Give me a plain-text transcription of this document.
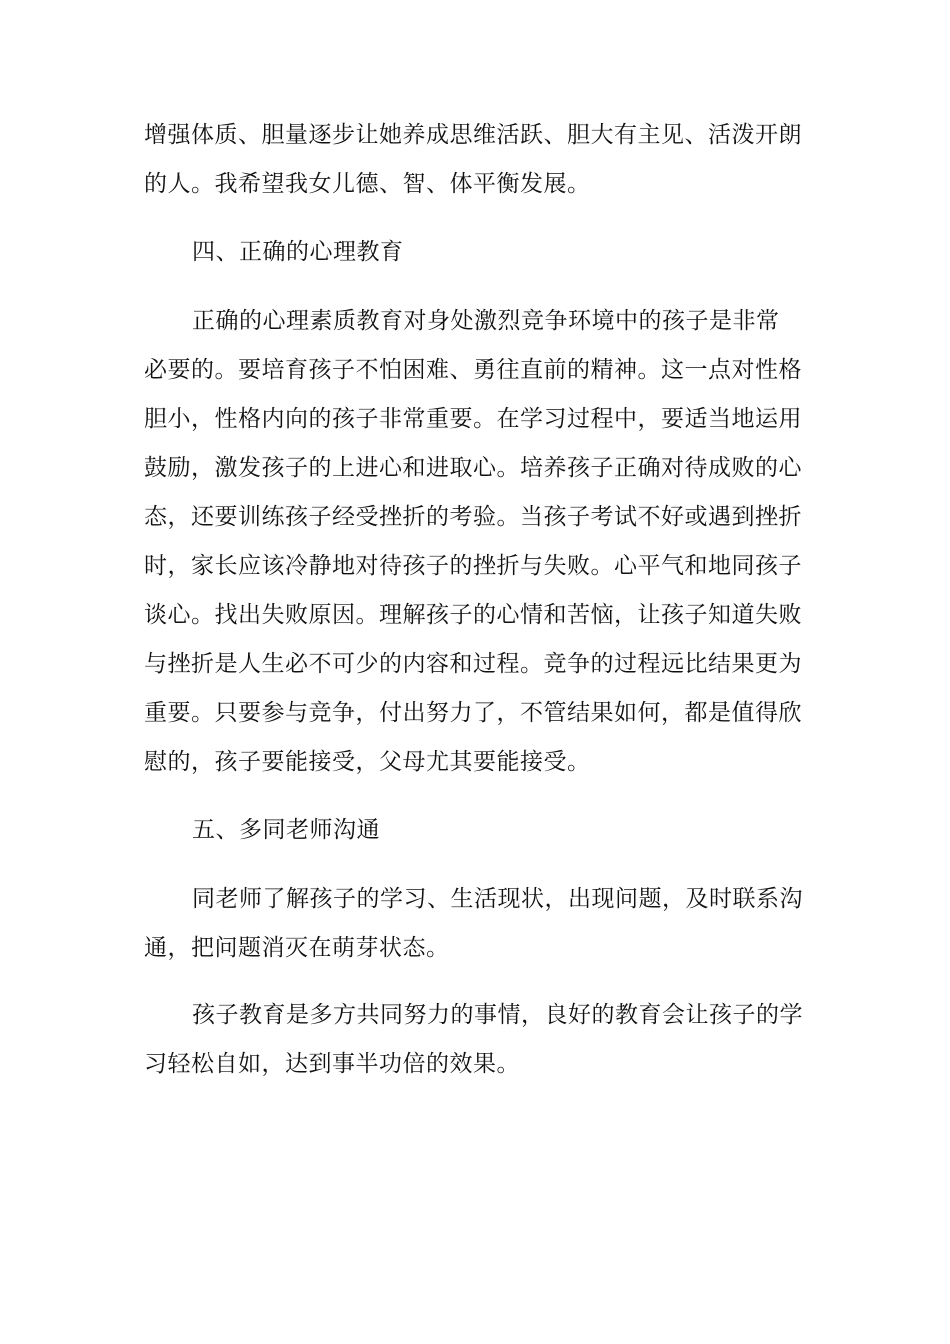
增强体质、胆量逐步让她养成思维活跃、胆大有主见、活泼开朗

的人。我希望我女儿德、智、体平衡发展。

四、正确的心理教育

正确的心理素质教育对身处激烈竞争环境中的孩子是非常

必要的。要培育孩子不怕困难、勇往直前的精神。这一点对性格

胆小，性格内向的孩子非常重要。在学习过程中，要适当地运用

鼓励，激发孩子的上进心和进取心。培养孩子正确对待成败的心

态，还要训练孩子经受挫折的考验。当孩子考试不好或遇到挫折

时，家长应该冷静地对待孩子的挫折与失败。心平气和地同孩子

谈心。找出失败原因。理解孩子的心情和苦恼，让孩子知道失败

与挫折是人生必不可少的内容和过程。竞争的过程远比结果更为

重要。只要参与竞争，付出努力了，不管结果如何，都是值得欣

慰的，孩子要能接受，父母尤其要能接受。

五、多同老师沟通

同老师了解孩子的学习、生活现状，出现问题，及时联系沟

通，把问题消灭在萌芽状态。

孩子教育是多方共同努力的事情，良好的教育会让孩子的学

习轻松自如，达到事半功倍的效果。
